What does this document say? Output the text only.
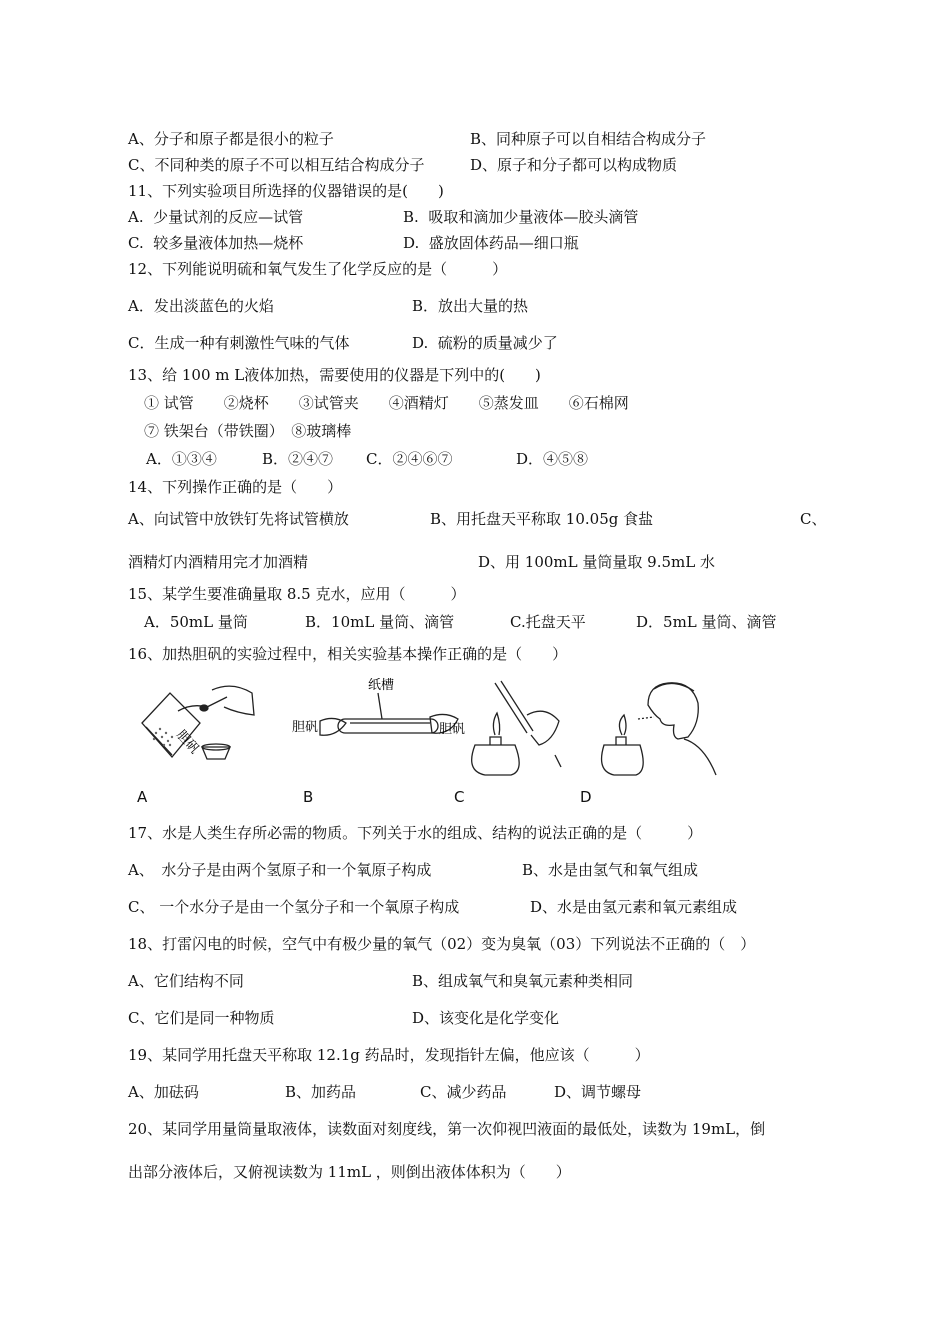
A、分子和原子都是很小的粒子	B、同种原子可以自相结合构成分子
C、不同种类的原子不可以相互结合构成分子	D、原子和分子都可以构成物质
11、下列实验项目所选择的仪器错误的是(　　)
A.  少量试剂的反应—试管	B.  吸取和滴加少量液体—胶头滴管
C.  较多量液体加热—烧杯	D.  盛放固体药品—细口瓶
12、下列能说明硫和氧气发生了化学反应的是（　　　）
A．发出淡蓝色的火焰	B．放出大量的热
C．生成一种有刺激性气味的气体	D.  硫粉的质量减少了
13、给 100 m L液体加热，需要使用的仪器是下列中的(　　)
① 试管　　②烧杯　　③试管夹　　④酒精灯　　⑤蒸发皿　　⑥石棉网
⑦ 铁架台（带铁圈）　⑧玻璃棒
A．①③④	B．②④⑦ C．②④⑥⑦	D．④⑤⑧
14、下列操作正确的是（　　）
A、向试管中放铁钉先将试管横放	B、用托盘天平称取 10.05g 食盐	C、
酒精灯内酒精用完才加酒精	D、用 100mL 量筒量取 9.5mL 水
15、某学生要准确量取 8.5 克水，应用（　　　）
A．50mL 量筒	B．10mL 量筒、滴管	C.托盘天平	D．5mL 量筒、滴管
16、加热胆矾的实验过程中，相关实验基本操作正确的是（　　）
胆矾
纸槽
胆矾	胆矾
A	B	C	D
17、水是人类生存所必需的物质。下列关于水的组成、结构的说法正确的是（　　　）
A、　水分子是由两个氢原子和一个氧原子构成	B、水是由氢气和氧气组成
C、 一个水分子是由一个氢分子和一个氧原子构成	D、水是由氢元素和氧元素组成
18、打雷闪电的时候，空气中有极少量的氧气（02）变为臭氧（03）下列说法不正确的（　）
A、它们结构不同	B、组成氧气和臭氧元素种类相同
C、它们是同一种物质	D、该变化是化学变化
19、某同学用托盘天平称取 12.1g 药品时，发现指针左偏，他应该（　　　）
A、加砝码	B、加药品	C、减少药品	D、调节螺母
20、某同学用量筒量取液体，读数面对刻度线，第一次仰视凹液面的最低处，读数为 19mL，倒
出部分液体后，又俯视读数为 11mL ，则倒出液体体积为（　　）
